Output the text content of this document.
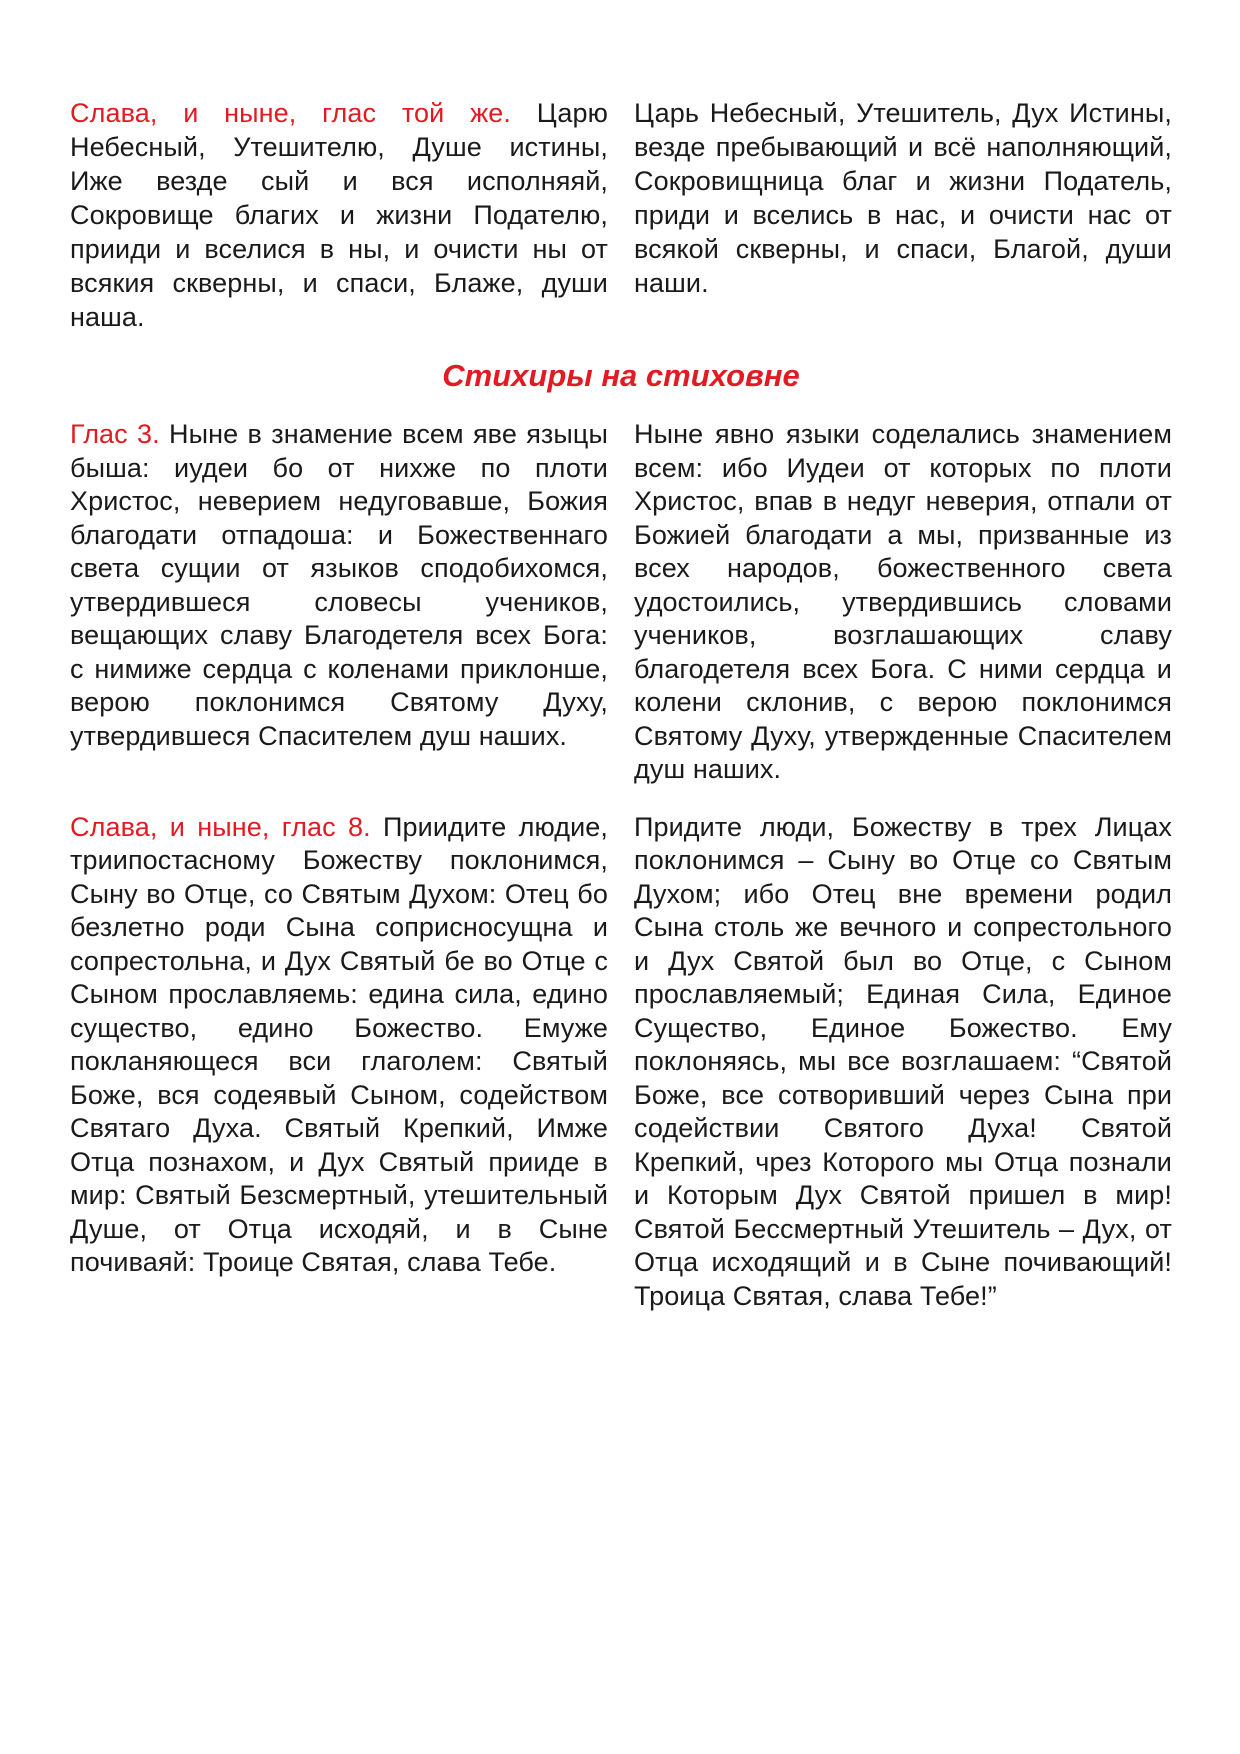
Слава, и ныне, глас той же. Царю Небесный, Утешителю, Душе истины, Иже везде сый и вся исполняяй, Сокровище благих и жизни Подателю, прииди и вселися в ны, и очисти ны от всякия скверны, и спаси, Блаже, души наша.
Царь Небесный, Утешитель, Дух Истины, везде пребывающий и всё наполняющий, Сокровищница благ и жизни Податель, приди и вселись в нас, и очисти нас от всякой скверны, и спаси, Благой, души наши.
Стихиры на стиховне
Глас 3. Ныне в знамение всем яве языцы быша: иудеи бо от нихже по плоти Христос, неверием недуговавше, Божия благодати отпадоша: и Божественнаго света сущии от языков сподобихомся, утвердившеся словесы учеников, вещающих славу Благодетеля всех Бога: с нимиже сердца с коленами приклонше, верою поклонимся Святому Духу, утвердившеся Спасителем душ наших.
Ныне явно языки соделались знамением всем: ибо Иудеи от которых по плоти Христос, впав в недуг неверия, отпали от Божией благодати а мы, призванные из всех народов, божественного света удостоились, утвердившись словами учеников, возглашающих славу благодетеля всех Бога. С ними сердца и колени склонив, с верою поклонимся Святому Духу, утвержденные Спасителем душ наших.
Слава, и ныне, глас 8. Приидите людие, триипостасному Божеству поклонимся, Сыну во Отце, со Святым Духом: Отец бо безлетно роди Сына соприсносущна и сопрестольна, и Дух Святый бе во Отце с Сыном прославляемь: едина сила, едино существо, едино Божество. Емуже покланяющеся вси глаголем: Святый Боже, вся содеявый Сыном, содейством Святаго Духа. Святый Крепкий, Имже Отца познахом, и Дух Святый прииде в мир: Святый Безсмертный, утешительный Душе, от Отца исходяй, и в Сыне почиваяй: Троице Святая, слава Тебе.
Придите люди, Божеству в трех Лицах поклонимся – Сыну во Отце со Святым Духом; ибо Отец вне времени родил Сына столь же вечного и сопрестольного и Дух Святой был во Отце, с Сыном прославляемый; Единая Сила, Единое Существо, Единое Божество. Ему поклоняясь, мы все возглашаем: “Святой Боже, все сотворивший через Сына при содействии Святого Духа! Святой Крепкий, чрез Которого мы Отца познали и Которым Дух Святой пришел в мир! Святой Бессмертный Утешитель – Дух, от Отца исходящий и в Сыне почивающий! Троица Святая, слава Тебе!”
